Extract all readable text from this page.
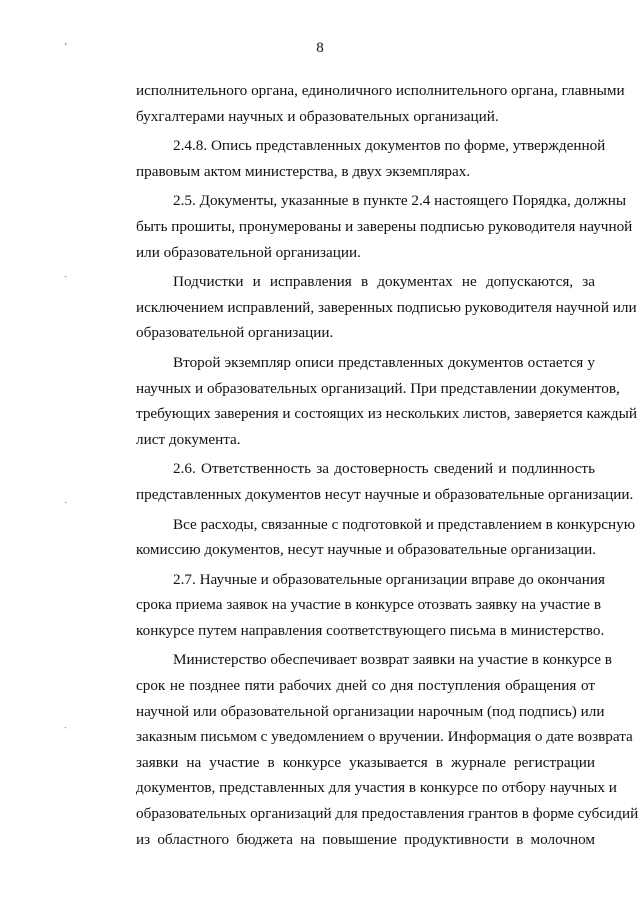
8
исполнительного органа, единоличного исполнительного органа, главными
бухгалтерами научных и образовательных организаций.
2.4.8. Опись представленных документов по форме, утвержденной
правовым актом министерства, в двух экземплярах.
2.5. Документы, указанные в пункте 2.4 настоящего Порядка, должны
быть прошиты, пронумерованы и заверены подписью руководителя научной
или образовательной организации.
Подчистки и исправления в документах не допускаются, за
исключением исправлений, заверенных подписью руководителя научной или
образовательной организации.
Второй экземпляр описи представленных документов остается у
научных и образовательных организаций. При представлении документов,
требующих заверения и состоящих из нескольких листов, заверяется каждый
лист документа.
2.6. Ответственность за достоверность сведений и подлинность
представленных документов несут научные и образовательные организации.
Все расходы, связанные с подготовкой и представлением в конкурсную
комиссию документов, несут научные и образовательные организации.
2.7. Научные и образовательные организации вправе до окончания
срока приема заявок на участие в конкурсе отозвать заявку на участие в
конкурсе путем направления соответствующего письма в министерство.
Министерство обеспечивает возврат заявки на участие в конкурсе в
срок не позднее пяти рабочих дней со дня поступления обращения от
научной или образовательной организации нарочным (под подпись) или
заказным письмом с уведомлением о вручении. Информация о дате возврата
заявки на участие в конкурсе указывается в журнале регистрации
документов, представленных для участия в конкурсе по отбору научных и
образовательных организаций для предоставления грантов в форме субсидий
из областного бюджета на повышение продуктивности в молочном
ʼ
ˎ
ˎ
ˎ
